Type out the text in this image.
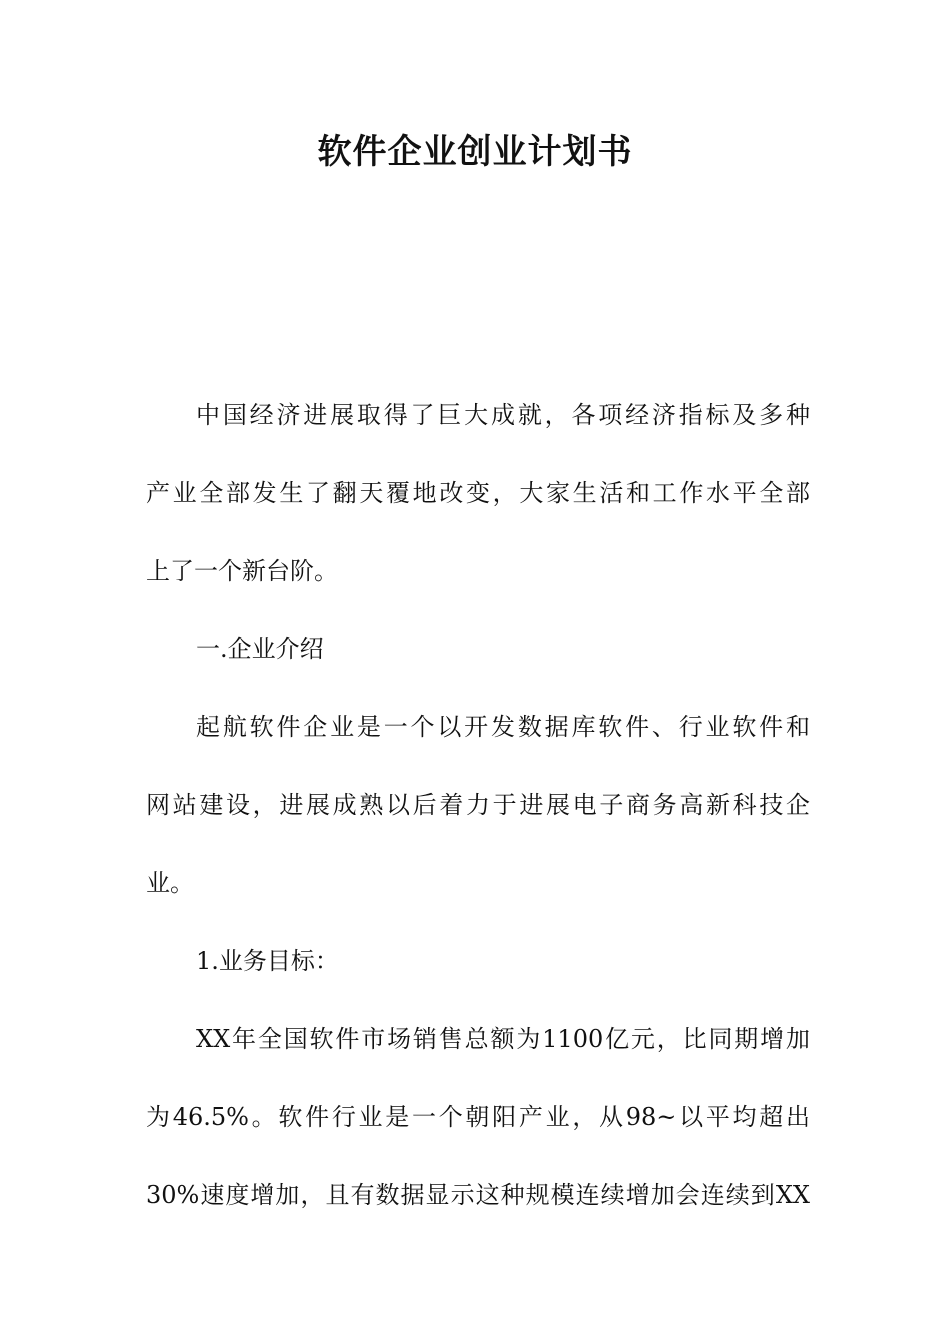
软件企业创业计划书
中国经济进展取得了巨大成就，各项经济指标及多种
产业全部发生了翻天覆地改变，大家生活和工作水平全部
上了一个新台阶。
一.企业介绍
起航软件企业是一个以开发数据库软件、行业软件和
网站建设，进展成熟以后着力于进展电子商务高新科技企
业。
1.业务目标：
XX年全国软件市场销售总额为1100亿元，比同期增加
为46.5%。软件行业是一个朝阳产业，从98~以平均超出
30%速度增加，且有数据显示这种规模连续增加会连续到XX
